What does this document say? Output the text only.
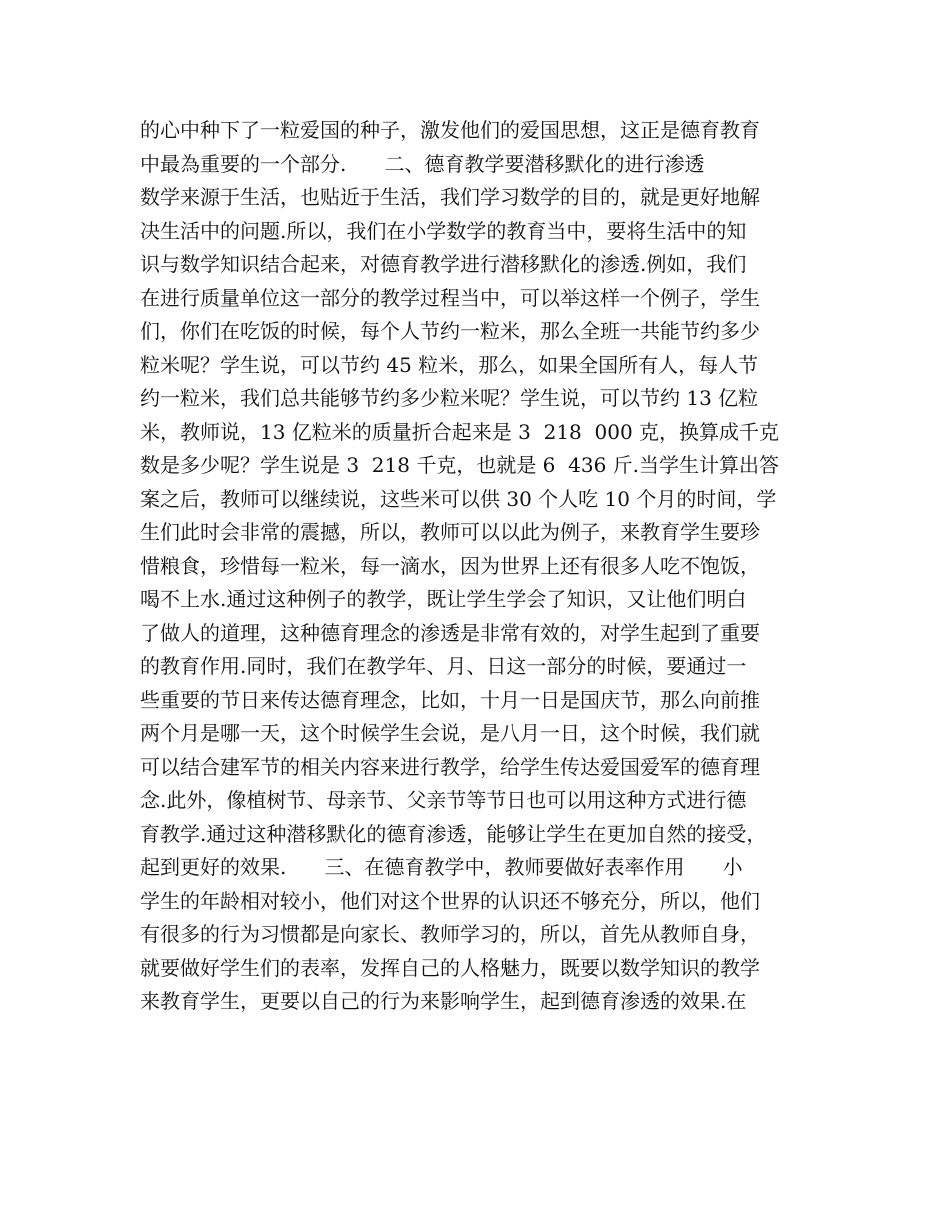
的心中种下了一粒爱国的种子，激发他们的爱国思想，这正是德育教育
中最為重要的一个部分.      二、德育教学要潜移默化的进行渗透
数学来源于生活，也贴近于生活，我们学习数学的目的，就是更好地解
决生活中的问题.所以，我们在小学数学的教育当中，要将生活中的知
识与数学知识结合起来，对德育教学进行潜移默化的渗透.例如，我们
在进行质量单位这一部分的教学过程当中，可以举这样一个例子，学生
们，你们在吃饭的时候，每个人节约一粒米，那么全班一共能节约多少
粒米呢？学生说，可以节约 45 粒米，那么，如果全国所有人，每人节
约一粒米，我们总共能够节约多少粒米呢？学生说，可以节约 13 亿粒
米，教师说，13 亿粒米的质量折合起来是 3  218  000 克，换算成千克
数是多少呢？学生说是 3  218 千克，也就是 6  436 斤.当学生计算出答
案之后，教师可以继续说，这些米可以供 30 个人吃 10 个月的时间，学
生们此时会非常的震撼，所以，教师可以以此为例子，来教育学生要珍
惜粮食，珍惜每一粒米，每一滴水，因为世界上还有很多人吃不饱饭，
喝不上水.通过这种例子的教学，既让学生学会了知识，又让他们明白
了做人的道理，这种德育理念的渗透是非常有效的，对学生起到了重要
的教育作用.同时，我们在教学年、月、日这一部分的时候，要通过一
些重要的节日来传达德育理念，比如，十月一日是国庆节，那么向前推
两个月是哪一天，这个时候学生会说，是八月一日，这个时候，我们就
可以结合建军节的相关内容来进行教学，给学生传达爱国爱军的德育理
念.此外，像植树节、母亲节、父亲节等节日也可以用这种方式进行德
育教学.通过这种潜移默化的德育渗透，能够让学生在更加自然的接受，
起到更好的效果.      三、在德育教学中，教师要做好表率作用      小
学生的年龄相对较小，他们对这个世界的认识还不够充分，所以，他们
有很多的行为习惯都是向家长、教师学习的，所以，首先从教师自身，
就要做好学生们的表率，发挥自己的人格魅力，既要以数学知识的教学
来教育学生，更要以自己的行为来影响学生，起到德育渗透的效果.在
